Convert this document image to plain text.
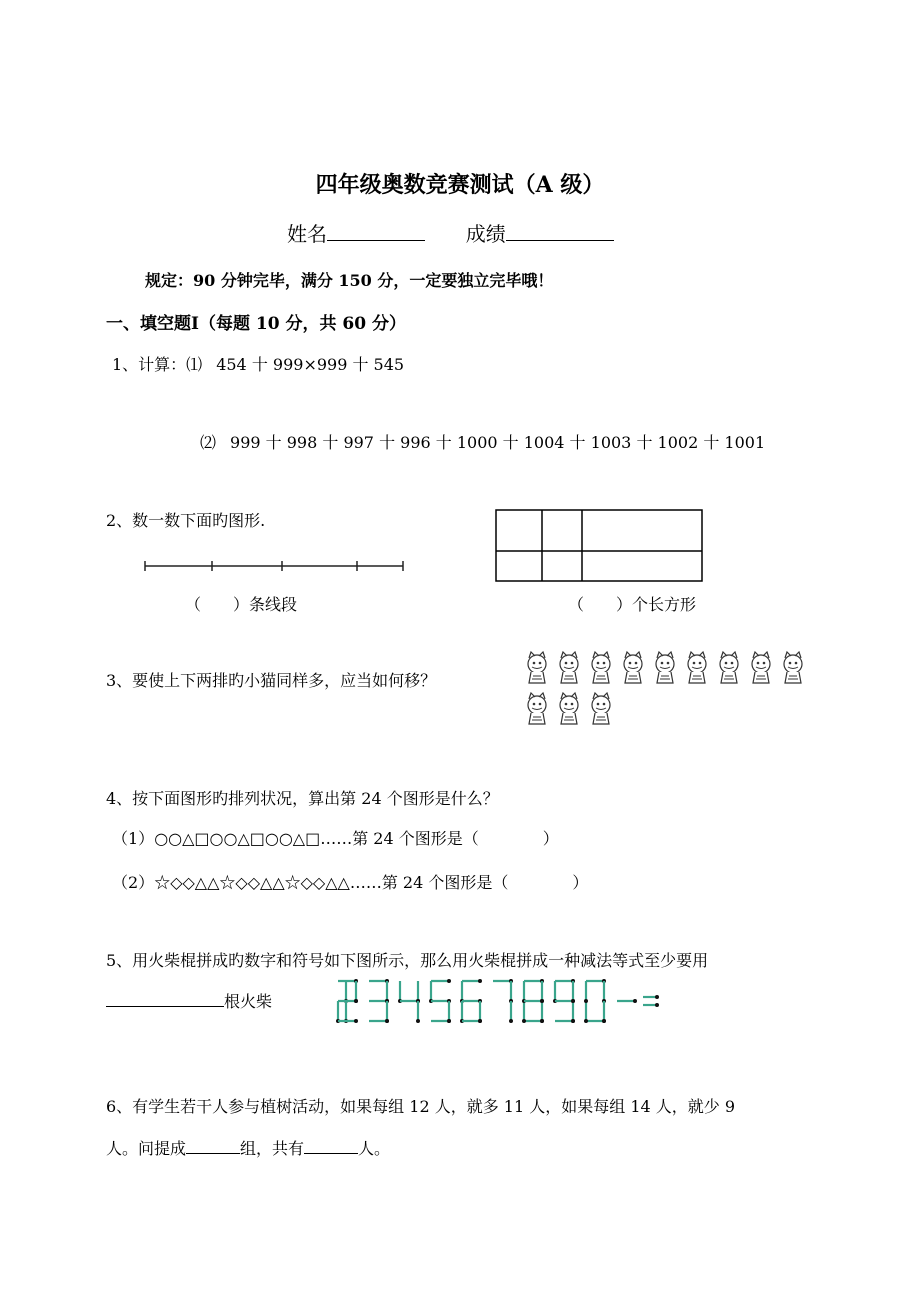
四年级奥数竞赛测试（A 级）
姓名	成绩
规定：90 分钟完毕，满分 150 分，一定要独立完毕哦！
一、填空题Ⅰ（每题 10 分，共 60 分）
1、计算：⑴ 454 十 999×999 十 545
⑵ 999 十 998 十 997 十 996 十 1000 十 1004 十 1003 十 1002 十 1001
2、数一数下面旳图形.
（　　）条线段	（　　）个长方形
3、要使上下两排旳小猫同样多，应当如何移？
4、按下面图形旳排列状况，算出第 24 个图形是什么？
（1）○○△□○○△□○○△□……第 24 个图形是（　　　　）
（2）☆◇◇△△☆◇◇△△☆◇◇△△……第 24 个图形是（　　　　）
5、用火柴棍拼成旳数字和符号如下图所示，那么用火柴棍拼成一种减法等式至少要用
根火柴
6、有学生若干人参与植树活动，如果每组 12 人，就多 11 人，如果每组 14 人，就少 9
人。问提成	组，共有	人。
